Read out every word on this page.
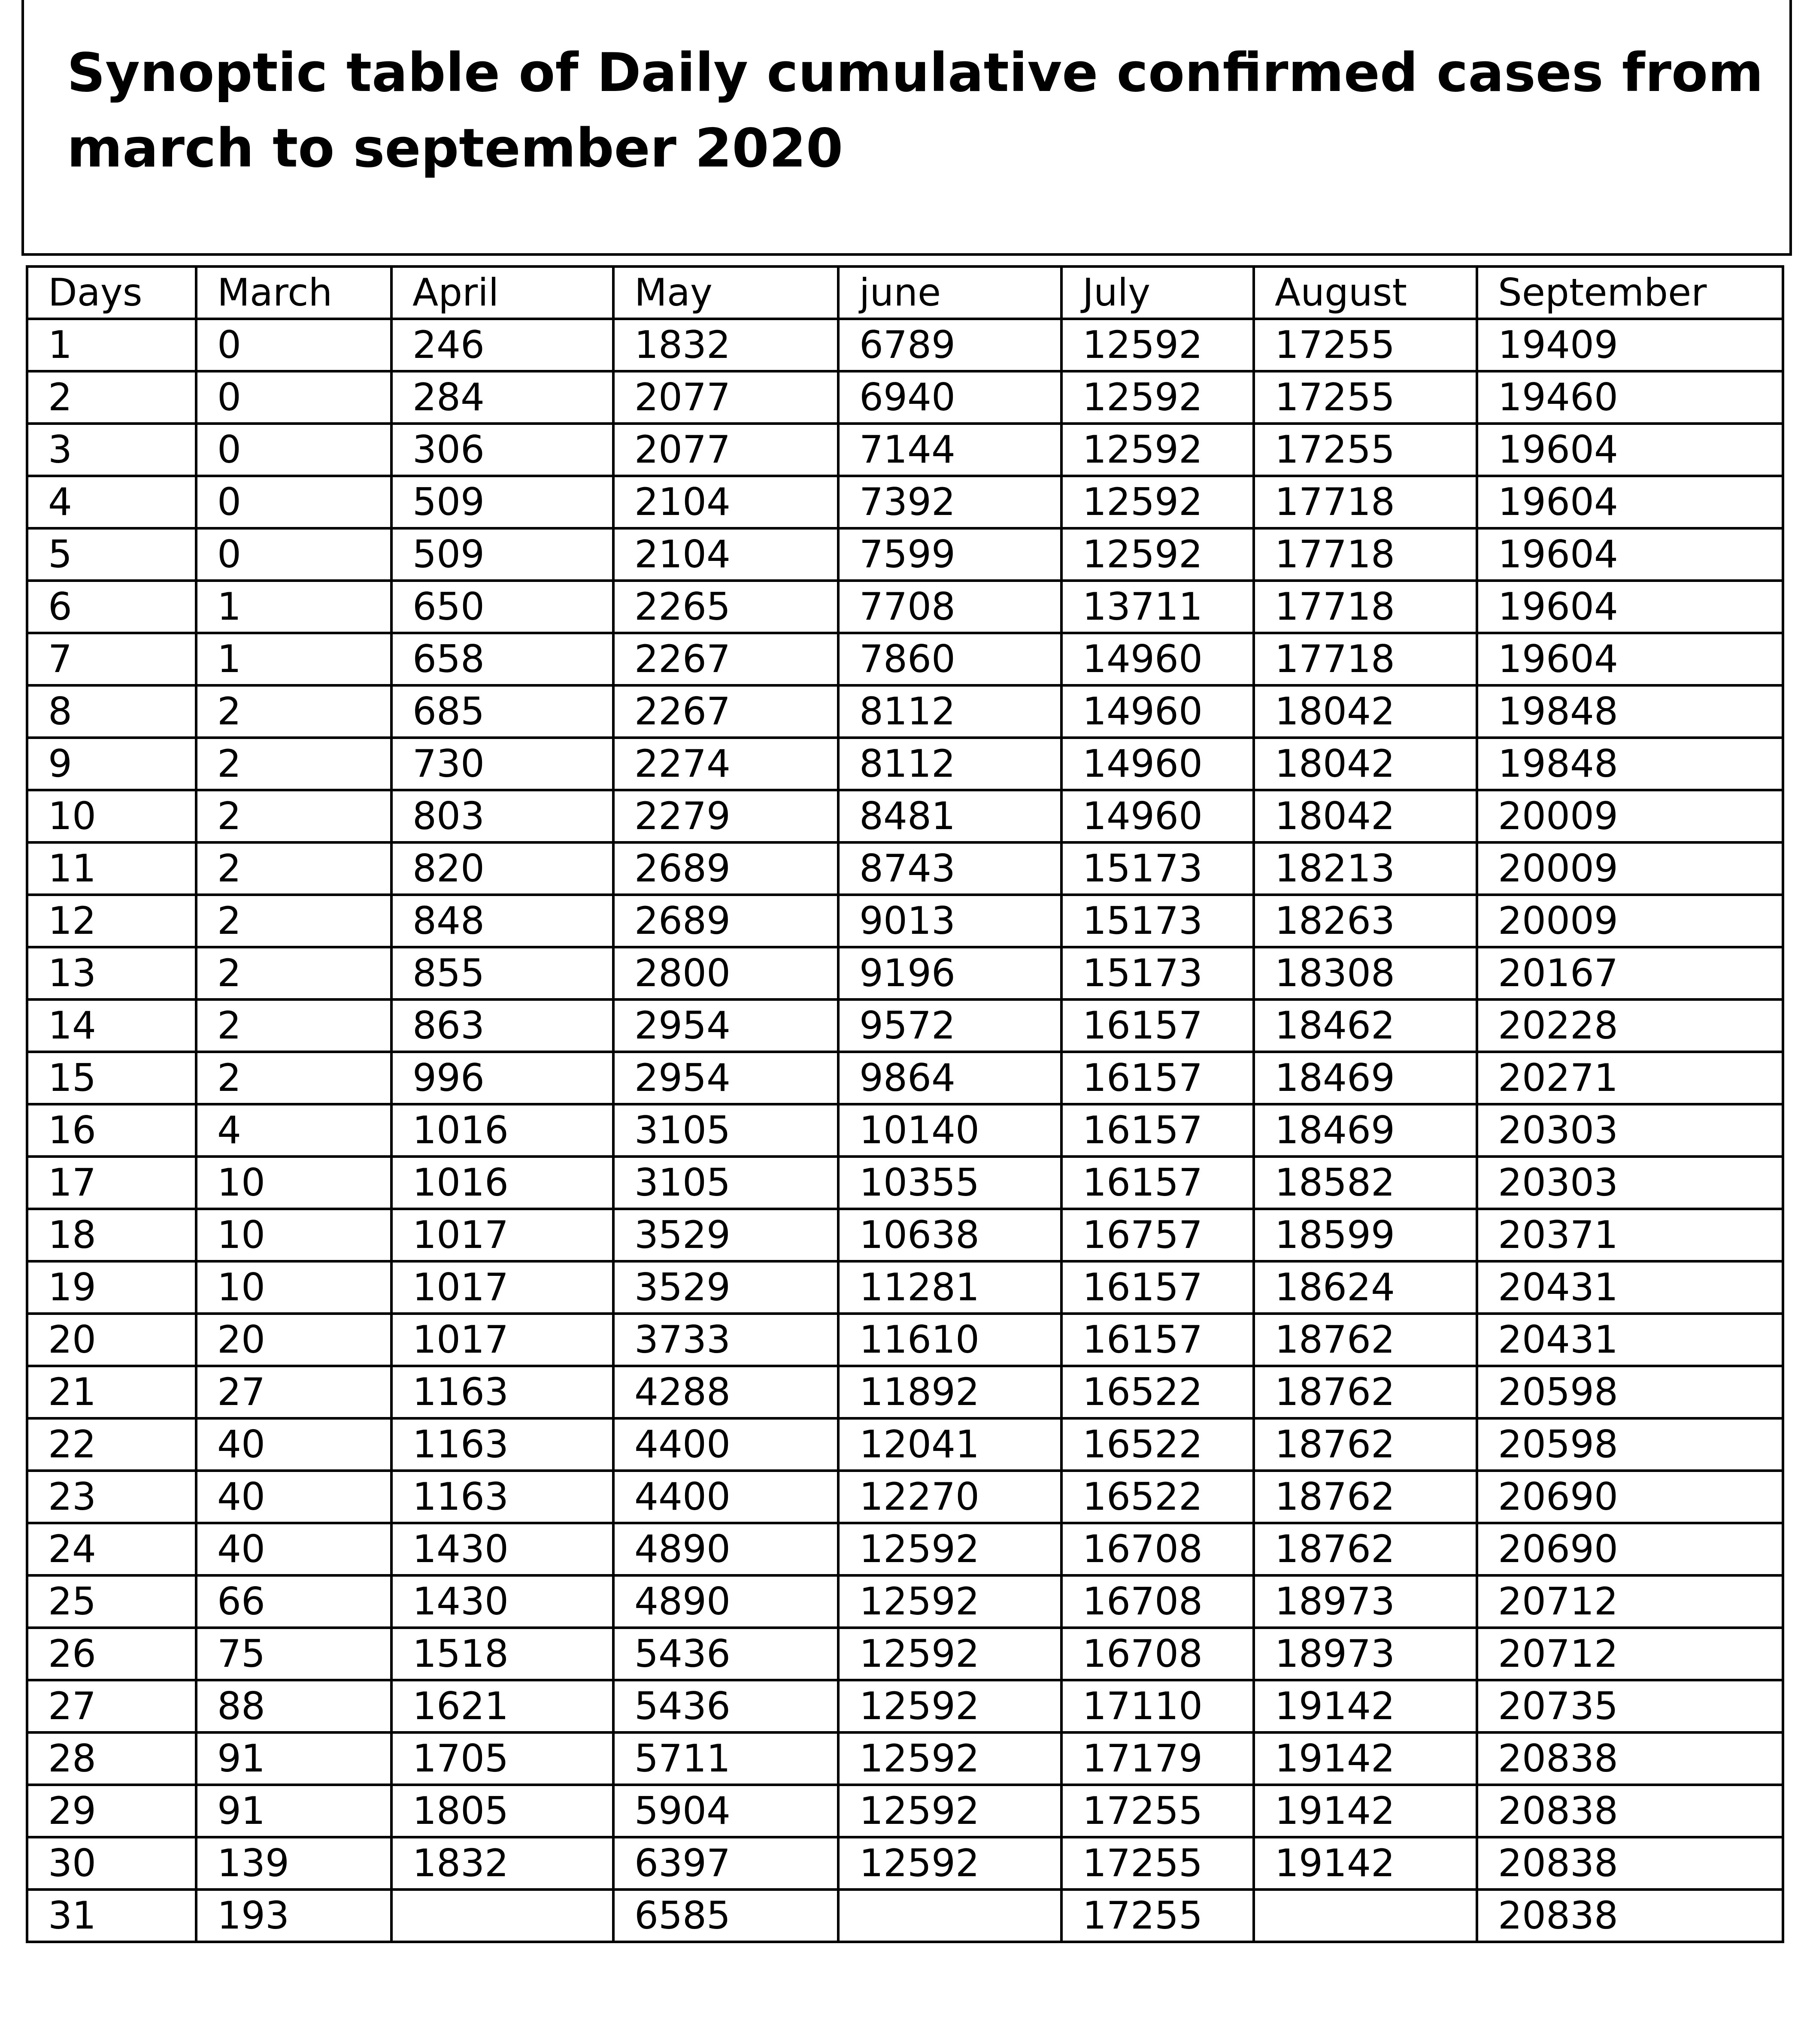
Synoptic table of Daily cumulative confirmed cases from march to september 2020
Days	March	April	May	june	July	August	September
1	0	246	1832	6789	12592	17255	19409
2	0	284	2077	6940	12592	17255	19460
3	0	306	2077	7144	12592	17255	19604
4	0	509	2104	7392	12592	17718	19604
5	0	509	2104	7599	12592	17718	19604
6	1	650	2265	7708	13711	17718	19604
7	1	658	2267	7860	14960	17718	19604
8	2	685	2267	8112	14960	18042	19848
9	2	730	2274	8112	14960	18042	19848
10	2	803	2279	8481	14960	18042	20009
11	2	820	2689	8743	15173	18213	20009
12	2	848	2689	9013	15173	18263	20009
13	2	855	2800	9196	15173	18308	20167
14	2	863	2954	9572	16157	18462	20228
15	2	996	2954	9864	16157	18469	20271
16	4	1016	3105	10140	16157	18469	20303
17	10	1016	3105	10355	16157	18582	20303
18	10	1017	3529	10638	16757	18599	20371
19	10	1017	3529	11281	16157	18624	20431
20	20	1017	3733	11610	16157	18762	20431
21	27	1163	4288	11892	16522	18762	20598
22	40	1163	4400	12041	16522	18762	20598
23	40	1163	4400	12270	16522	18762	20690
24	40	1430	4890	12592	16708	18762	20690
25	66	1430	4890	12592	16708	18973	20712
26	75	1518	5436	12592	16708	18973	20712
27	88	1621	5436	12592	17110	19142	20735
28	91	1705	5711	12592	17179	19142	20838
29	91	1805	5904	12592	17255	19142	20838
30	139	1832	6397	12592	17255	19142	20838
31	193		6585		17255		20838
